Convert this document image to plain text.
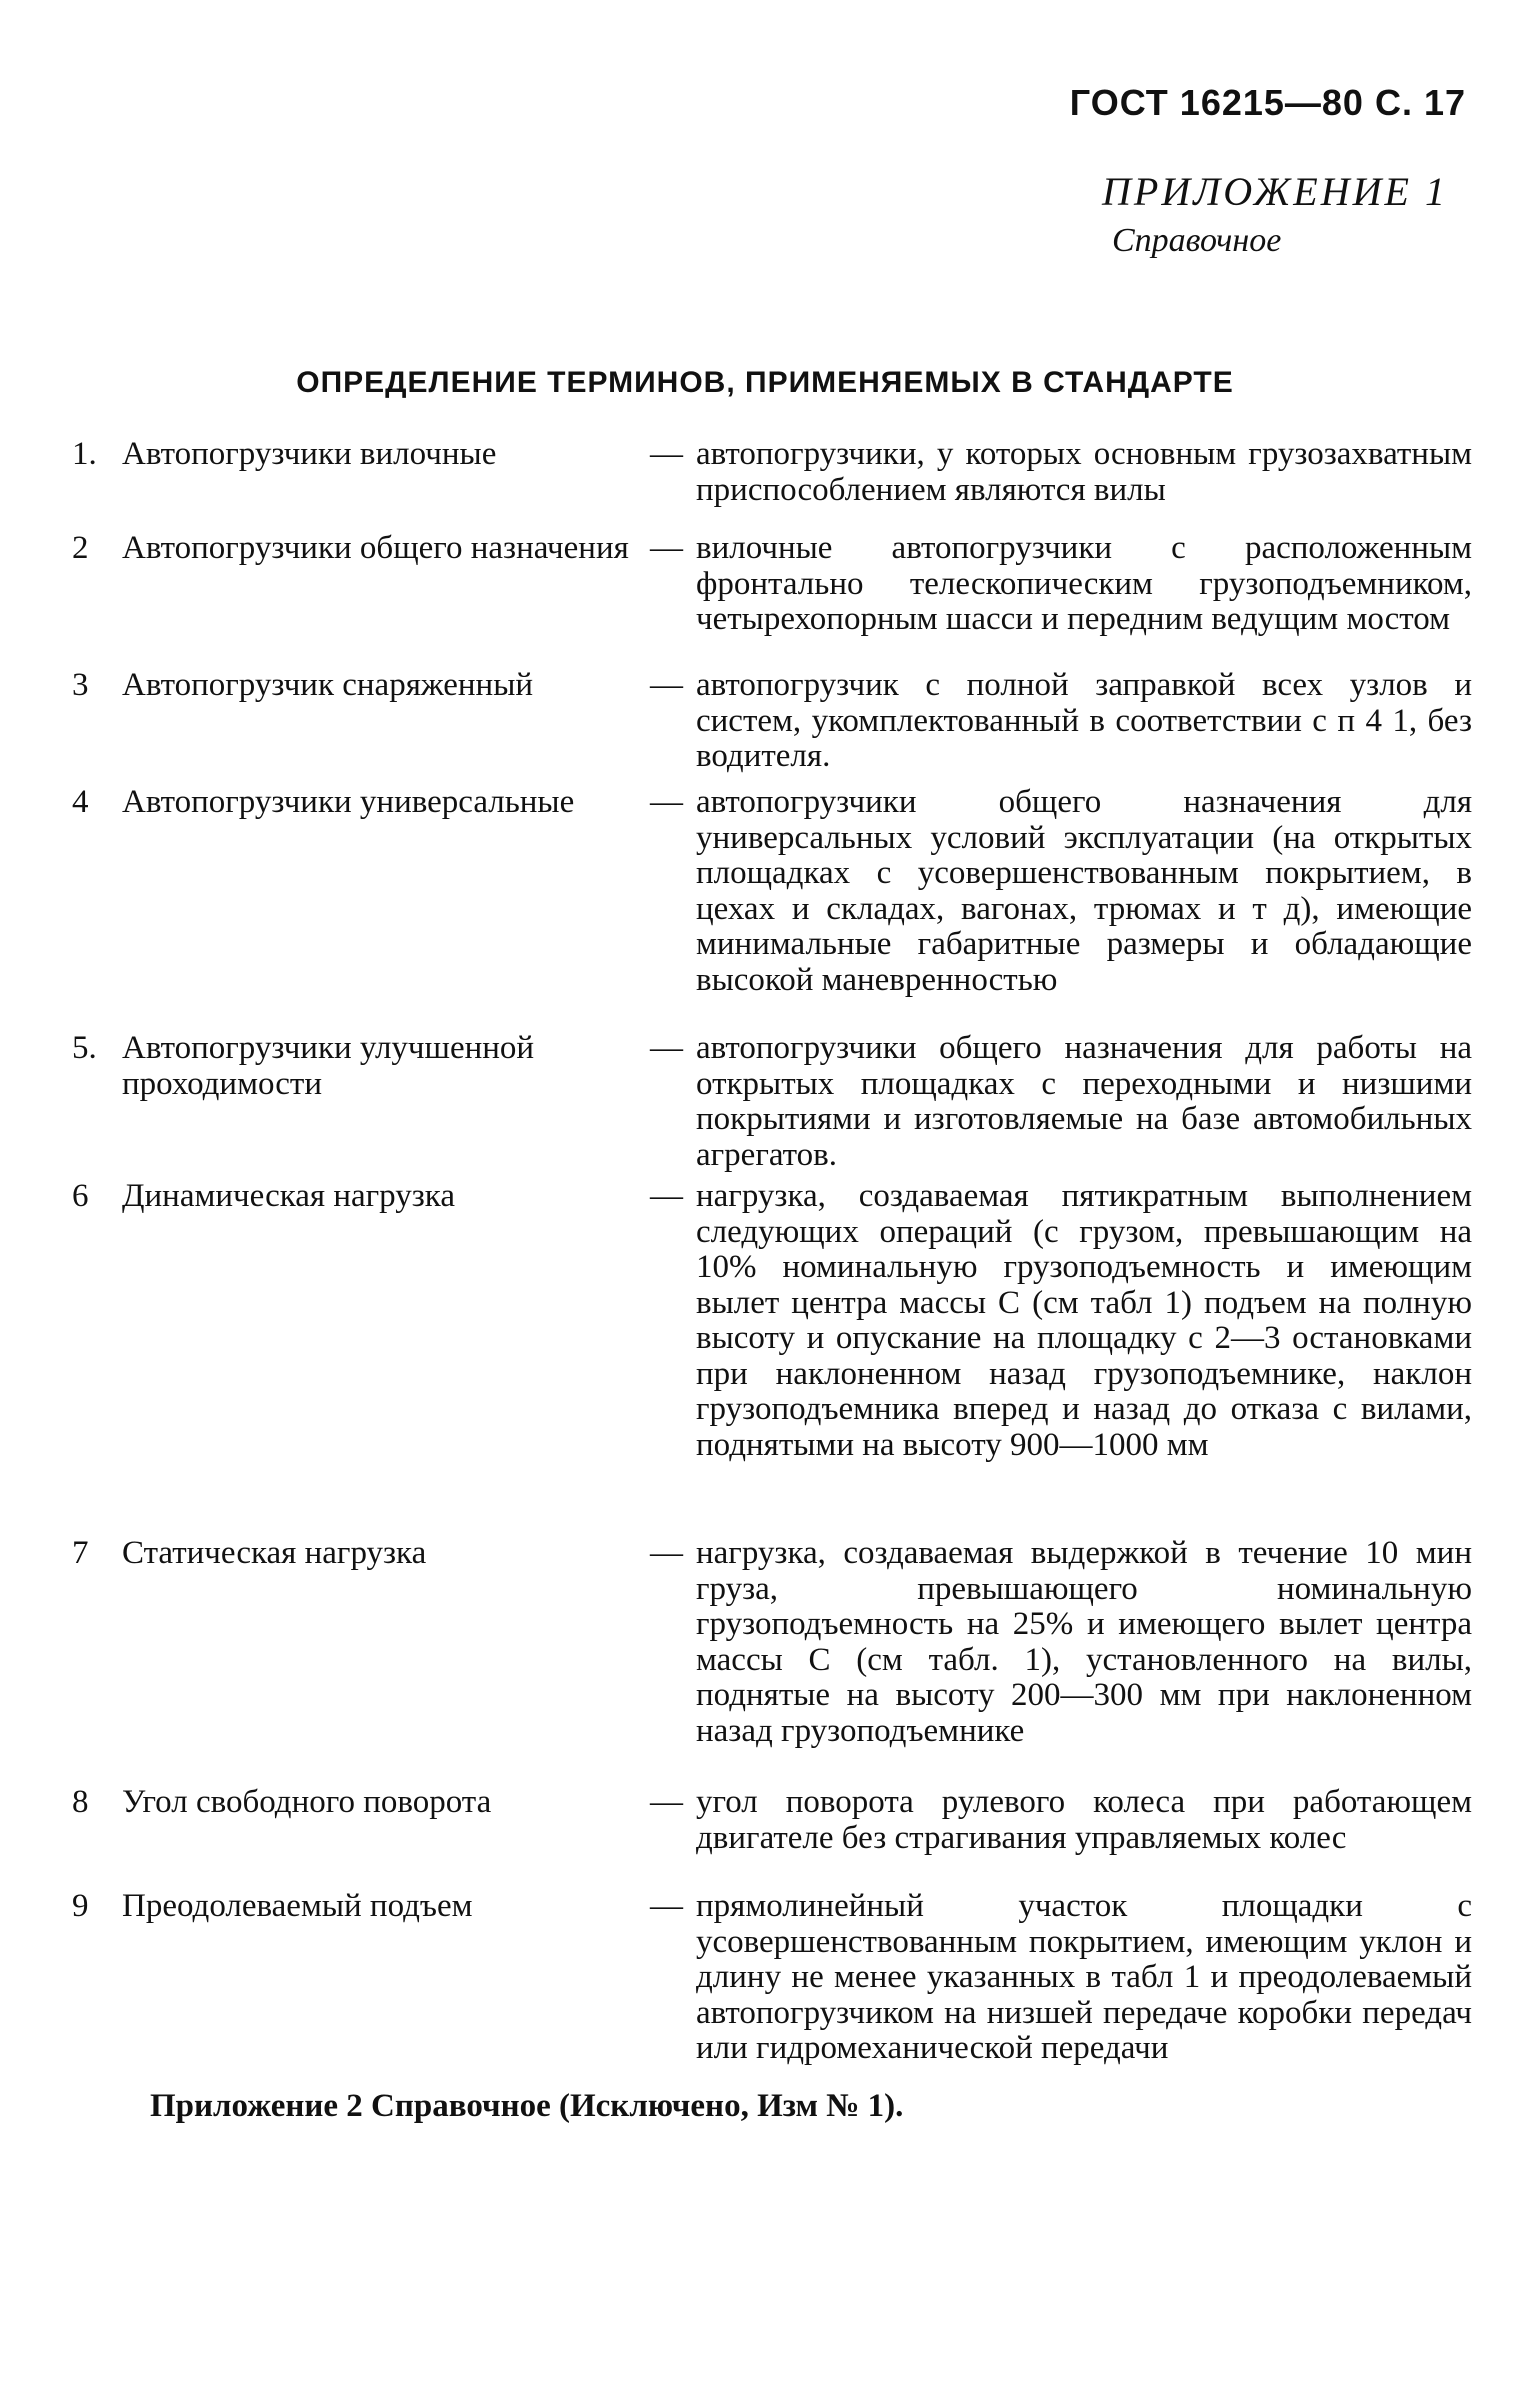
ГОСТ 16215—80 С. 17
ПРИЛОЖЕНИЕ 1
Справочное
ОПРЕДЕЛЕНИЕ ТЕРМИНОВ, ПРИМЕНЯЕМЫХ В СТАНДАРТЕ
1. Автопогрузчики вилочные	— автопогрузчики, у которых основным грузозахватным приспособлением являются вилы
2	Автопогрузчики общего назначения — вилочные автопогрузчики с расположенным фронтально телескопическим грузоподъемником, четырехопорным шасси и передним ведущим мостом
3	Автопогрузчик снаряженный	— автопогрузчик с полной заправкой всех узлов и систем, укомплектованный в соответствии с п 4 1, без водителя.
4	Автопогрузчики универсальные	— автопогрузчики общего назначения для универсальных условий эксплуатации (на открытых площадках с усовершенствованным покрытием, в цехах и складах, вагонах, трюмах и т д), имеющие минимальные габаритные размеры и обладающие высокой маневренностью
5. Автопогрузчики улучшенной проходимости
— автопогрузчики общего назначения для работы на открытых площадках с переходными и низшими покрытиями и изготовляемые на базе автомобильных агрегатов.
6	Динамическая нагрузка	— нагрузка, создаваемая пятикратным выполнением следующих операций (с грузом, превышающим на 10% номинальную грузоподъемность и имеющим вылет центра массы С (см табл 1) подъем на полную высоту и опускание на площадку с 2—3 остановками при наклоненном назад грузоподъемнике, наклон грузоподъемника вперед и назад до отказа с вилами, поднятыми на высоту 900—1000 мм
7	Статическая нагрузка	— нагрузка, создаваемая выдержкой в течение 10 мин груза, превышающего номинальную грузоподъемность на 25% и имеющего вылет центра массы С (см табл. 1), установленного на вилы, поднятые на высоту 200—300 мм при наклоненном назад грузоподъемнике
8	Угол свободного поворота	— угол поворота рулевого колеса при работающем двигателе без страгивания управляемых колес
9	Преодолеваемый подъем	— прямолинейный участок площадки с усовершенствованным покрытием, имеющим уклон и длину не менее указанных в табл 1 и преодолеваемый автопогрузчиком на низшей передаче коробки передач или гидромеханической передачи
Приложение 2 Справочное (Исключено, Изм № 1).
